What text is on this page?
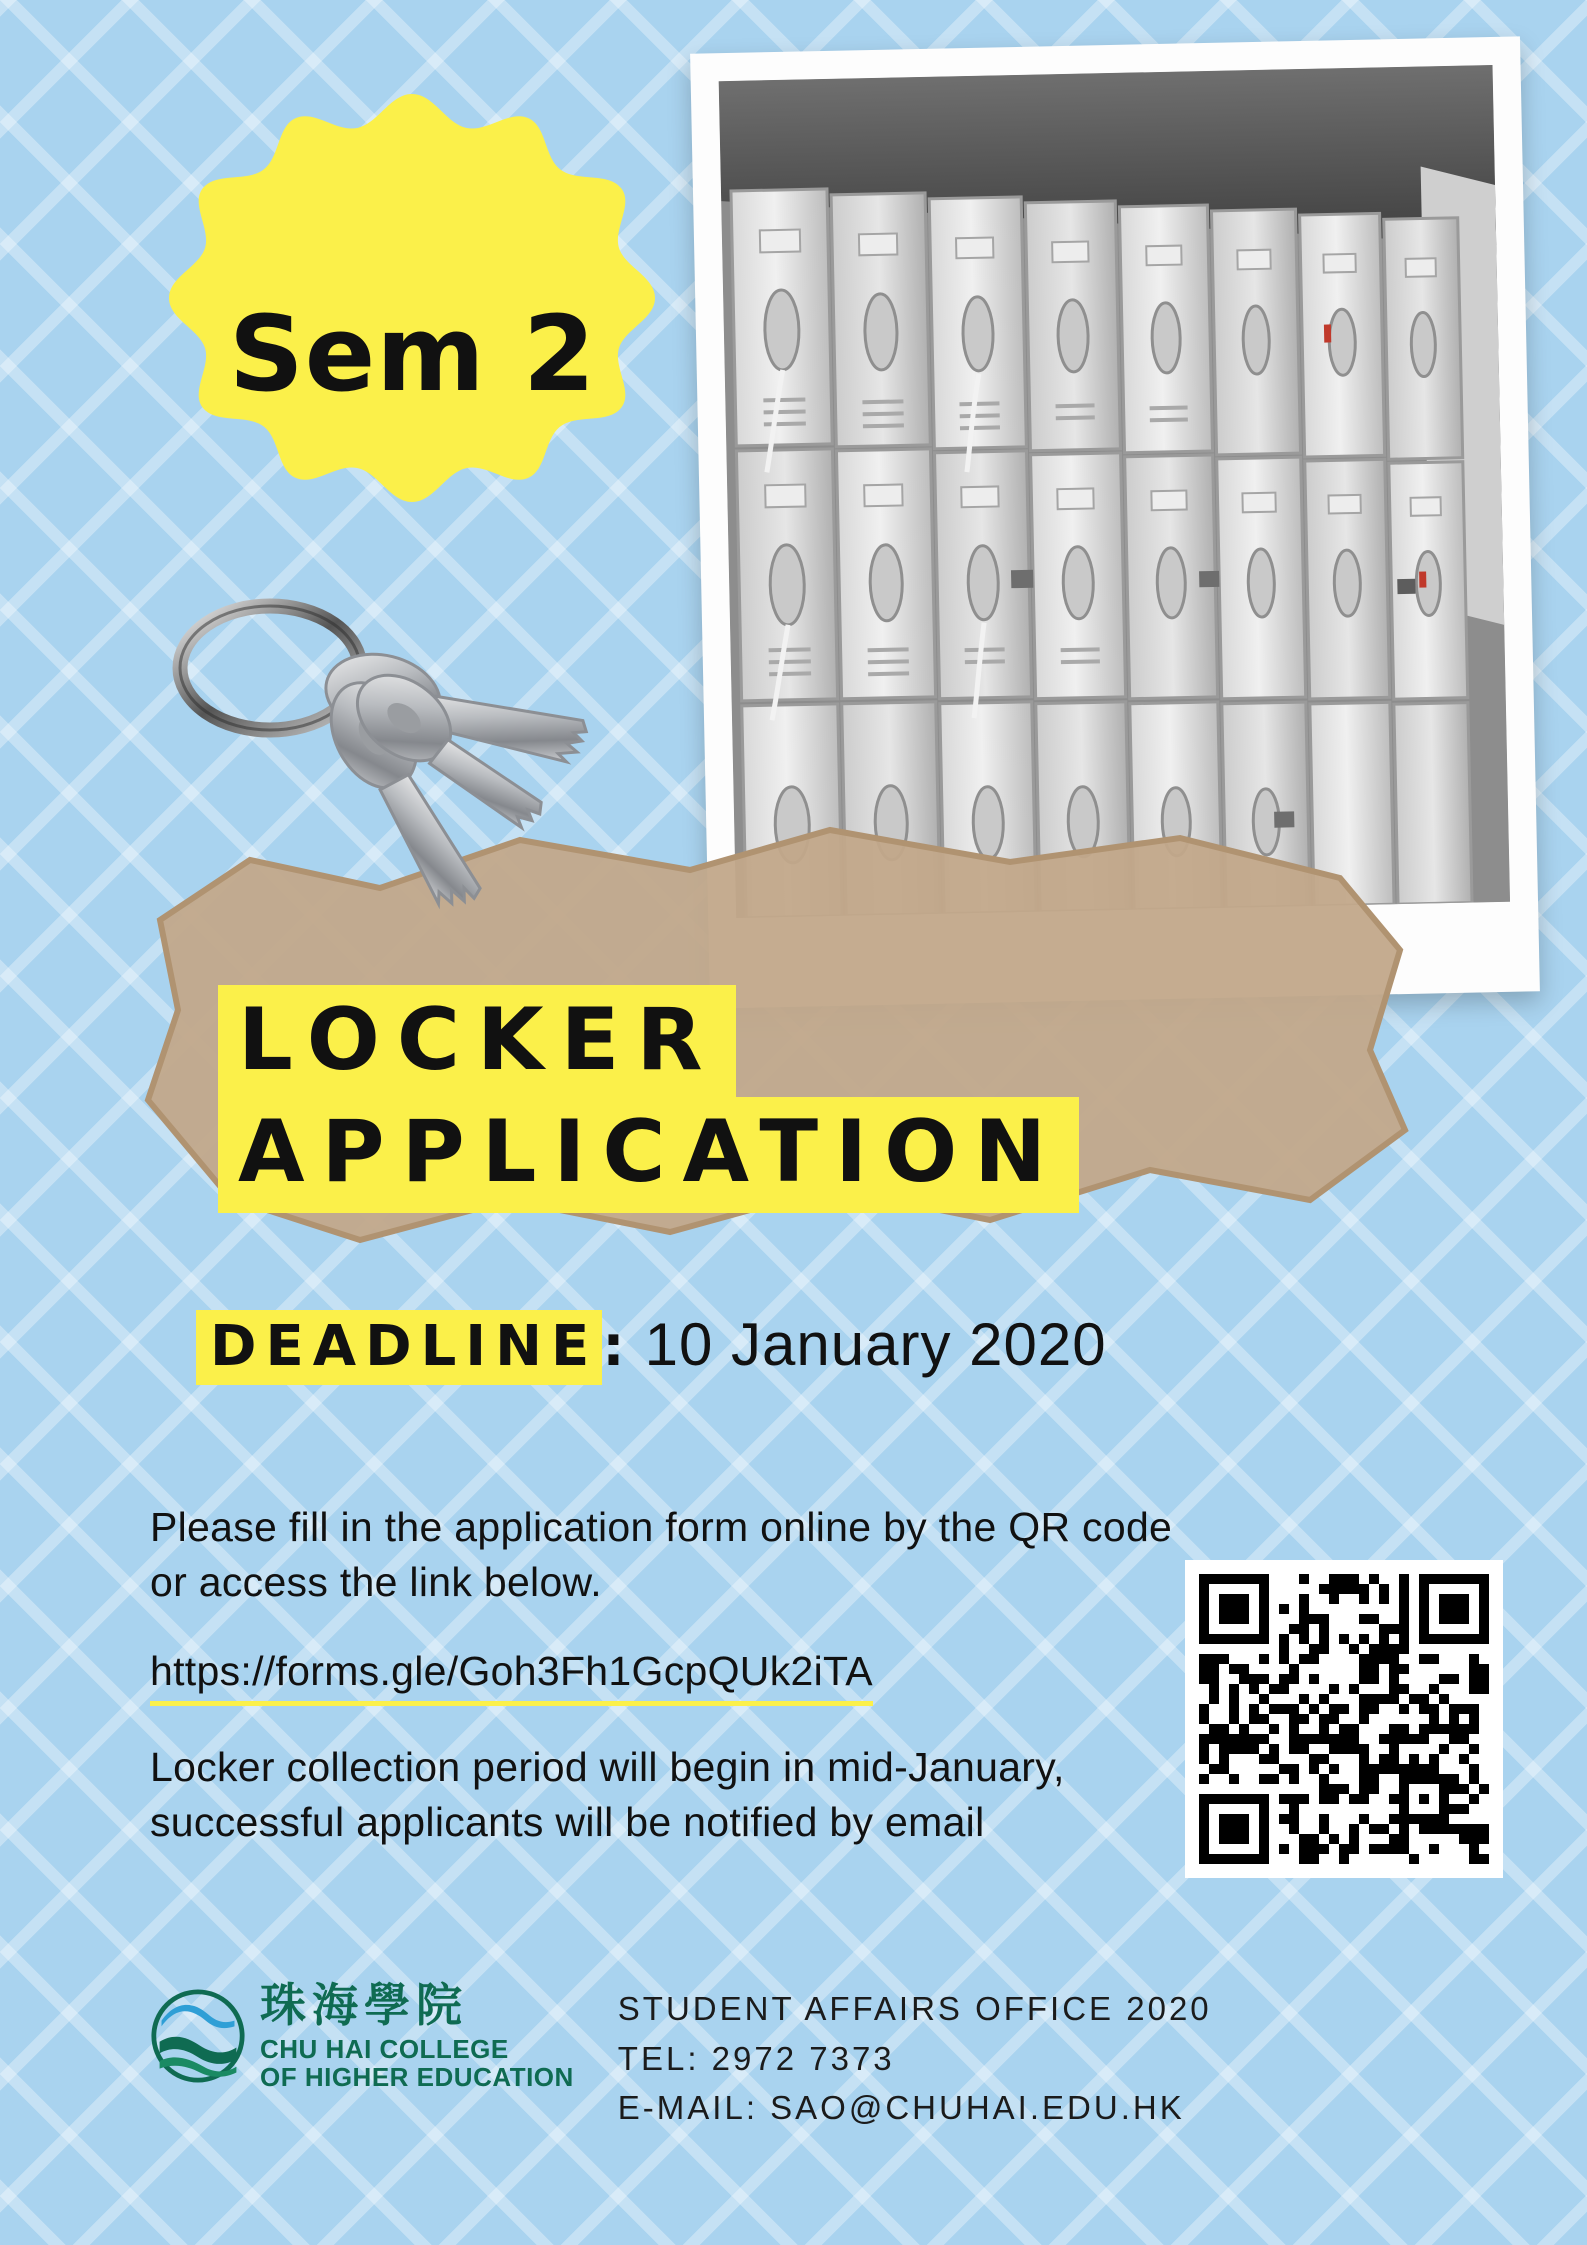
Sem 2
LOCKER
APPLICATION
DEADLINE : 10 January 2020

Please fill in the application form online by the QR code or access the link below.

https://forms.gle/Goh3Fh1GcpQUk2iTA

Locker collection period will begin in mid-January, successful applicants will be notified by email

珠海學院
CHU HAI COLLEGE
OF HIGHER EDUCATION
STUDENT AFFAIRS OFFICE 2020
TEL: 2972 7373
E-MAIL: SAO@CHUHAI.EDU.HK
